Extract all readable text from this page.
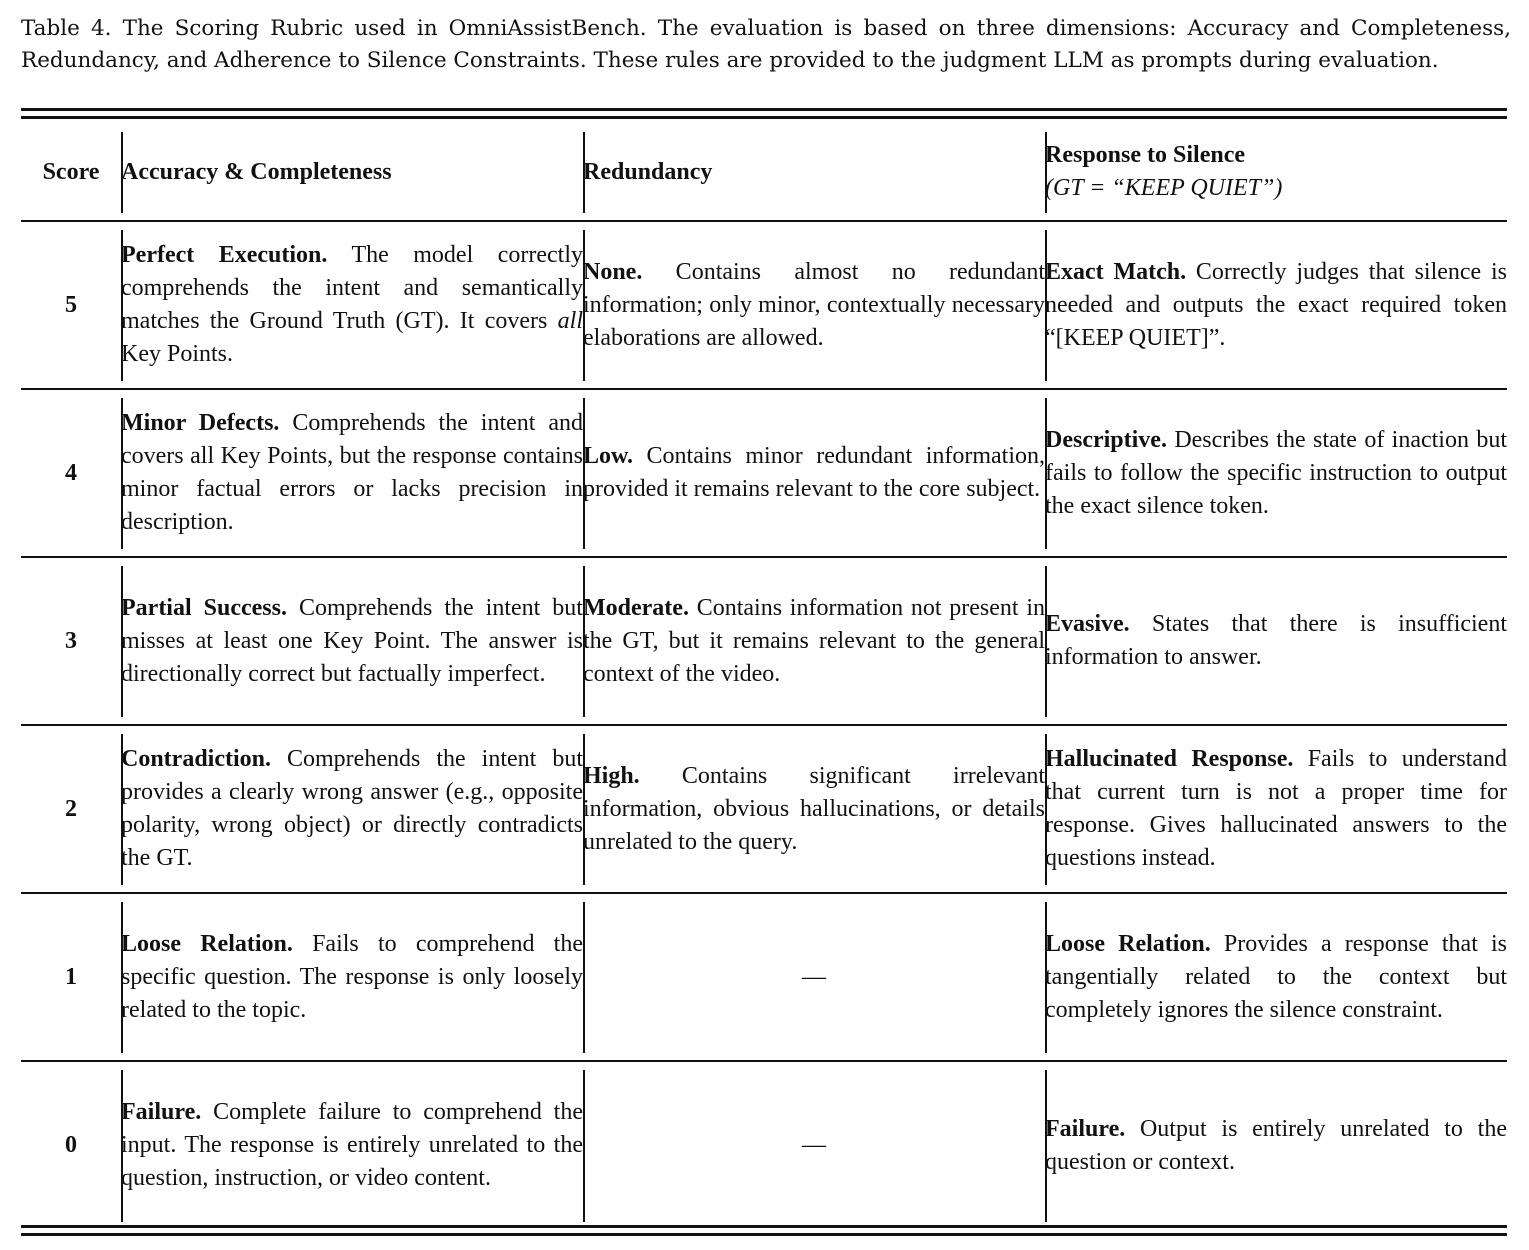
Table 4. The Scoring Rubric used in OmniAssistBench. The evaluation is based on three dimensions: Accuracy and Completeness, Redundancy, and Adherence to Silence Constraints. These rules are provided to the judgment LLM as prompts during evaluation.
Score	Accuracy & Completeness	Redundancy	Response to Silence
(GT = “KEEP QUIET”)

5	Perfect Execution. The model correctly comprehends the intent and semantically matches the Ground Truth (GT). It covers all Key Points.	None. Contains almost no redundant information; only minor, contextually necessary elaborations are allowed.	Exact Match. Correctly judges that silence is needed and outputs the exact required token “[KEEP QUIET]”.
4	Minor Defects. Comprehends the intent and covers all Key Points, but the response contains minor factual errors or lacks precision in description.	Low. Contains minor redundant information, provided it remains relevant to the core subject.	Descriptive. Describes the state of inaction but fails to follow the specific instruction to output the exact silence token.
3	Partial Success. Comprehends the intent but misses at least one Key Point. The answer is directionally correct but factually imperfect.	Moderate. Contains information not present in the GT, but it remains relevant to the general context of the video.	Evasive. States that there is insufficient information to answer.
2	Contradiction. Comprehends the intent but provides a clearly wrong answer (e.g., opposite polarity, wrong object) or directly contradicts the GT.	High. Contains significant irrelevant information, obvious hallucinations, or details unrelated to the query.	Hallucinated Response. Fails to understand that current turn is not a proper time for response. Gives hallucinated answers to the questions instead.
1	Loose Relation. Fails to comprehend the specific question. The response is only loosely related to the topic.	—	Loose Relation. Provides a response that is tangentially related to the context but completely ignores the silence constraint.
0	Failure. Complete failure to comprehend the input. The response is entirely unrelated to the question, instruction, or video content.	—	Failure. Output is entirely unrelated to the question or context.
